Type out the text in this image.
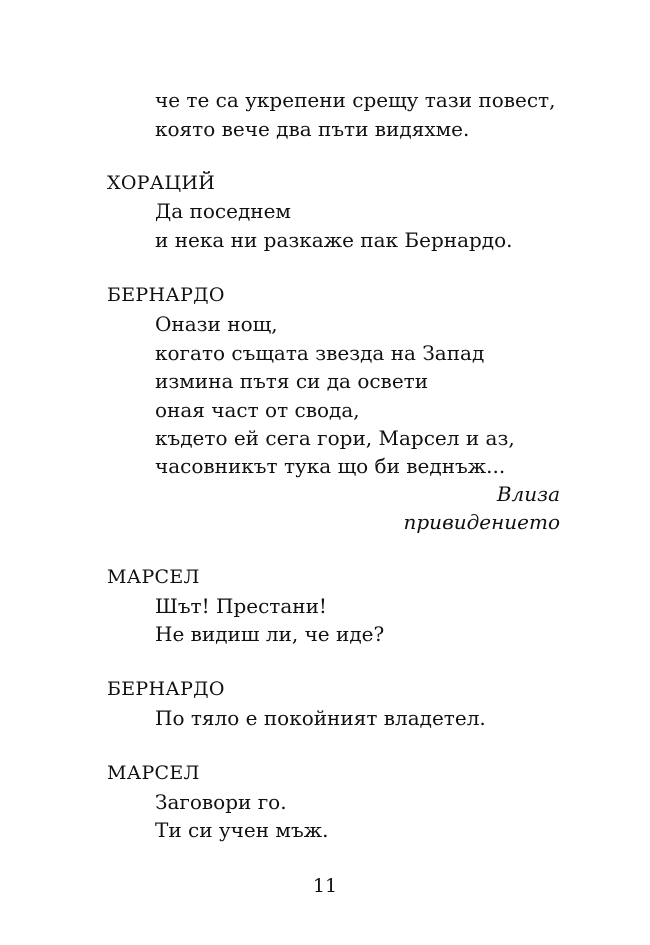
че те са укрепени срещу тази повест,

която вече два пъти видяхме.

ХОРАЦИЙ

Да поседнем

и нека ни разкаже пак Бернардо.

БЕРНАРДО

Онази нощ,

когато същата звезда на Запад

измина пътя си да освети

оная част от свода,

където ей сега гори, Марсел и аз,

часовникът тука що би веднъж...

Влиза

привидението

МАРСЕЛ

Шът! Престани!

Не видиш ли, че иде?

БЕРНАРДО

По тяло е покойният владетел.

МАРСЕЛ

Заговори го.

Ти си учен мъж.

11
